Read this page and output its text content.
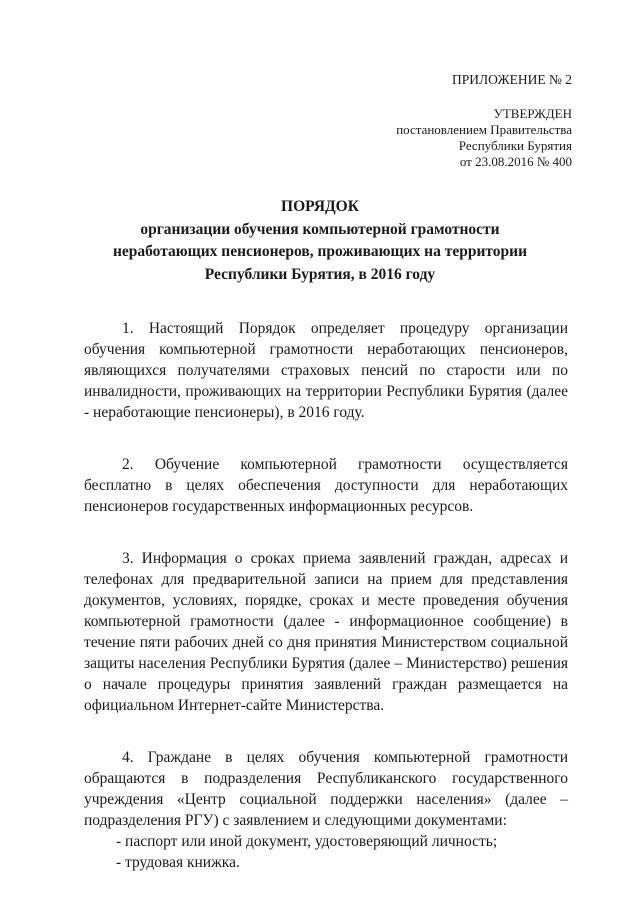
ПРИЛОЖЕНИЕ № 2
УТВЕРЖДЕН
постановлением Правительства
Республики Бурятия
от 23.08.2016 № 400
ПОРЯДОК
организации обучения компьютерной грамотности
неработающих пенсионеров, проживающих на территории
Республики Бурятия, в 2016 году

1. Настоящий Порядок определяет процедуру организации обучения компьютерной грамотности неработающих пенсионеров, являющихся получателями страховых пенсий по старости или по инвалидности, проживающих на территории Республики Бурятия (далее - неработающие пенсионеры), в 2016 году.

2. Обучение компьютерной грамотности осуществляется бесплатно в целях обеспечения доступности для неработающих пенсионеров государственных информационных ресурсов.

3. Информация о сроках приема заявлений граждан, адресах и телефонах для предварительной записи на прием для представления документов, условиях, порядке, сроках и месте проведения обучения компьютерной грамотности (далее - информационное сообщение) в течение пяти рабочих дней со дня принятия Министерством социальной защиты населения Республики Бурятия (далее – Министерство) решения о начале процедуры принятия заявлений граждан размещается на официальном Интернет-сайте Министерства.

4. Граждане в целях обучения компьютерной грамотности обращаются в подразделения Республиканского государственного учреждения «Центр социальной поддержки населения» (далее – подразделения РГУ) с заявлением и следующими документами:

- паспорт или иной документ, удостоверяющий личность;
- трудовая книжка.
